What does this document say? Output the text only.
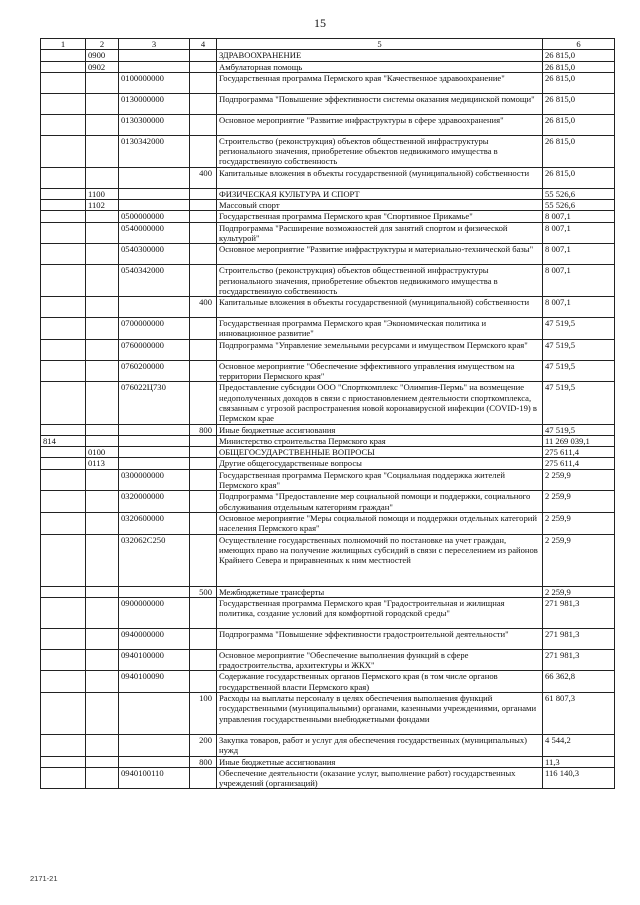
15
1	2	3	4	5	6
	0900			ЗДРАВООХРАНЕНИЕ	26 815,0
	0902			Амбулаторная помощь	26 815,0
		0100000000		Государственная программа Пермского края "Качественное здравоохранение"	26 815,0
		0130000000		Подпрограмма "Повышение эффективности системы оказания медицинской помощи"	26 815,0
		0130300000		Основное мероприятие "Развитие инфраструктуры в сфере здравоохранения"	26 815,0
		0130342000		Строительство (реконструкция) объектов общественной инфраструктуры регионального значения, приобретение объектов недвижимого имущества в государственную собственность	26 815,0
			400	Капитальные вложения в объекты государственной (муниципальной) собственности	26 815,0
	1100			ФИЗИЧЕСКАЯ КУЛЬТУРА И СПОРТ	55 526,6
	1102			Массовый спорт	55 526,6
		0500000000		Государственная программа Пермского края "Спортивное Прикамье"	8 007,1
		0540000000		Подпрограмма "Расширение возможностей для занятий спортом и физической культурой"	8 007,1
		0540300000		Основное мероприятие "Развитие инфраструктуры и материально-технической базы"	8 007,1
		0540342000		Строительство (реконструкция) объектов общественной инфраструктуры регионального значения, приобретение объектов недвижимого имущества в государственную собственность	8 007,1
			400	Капитальные вложения в объекты государственной (муниципальной) собственности	8 007,1
		0700000000		Государственная программа Пермского края "Экономическая политика и инновационное развитие"	47 519,5
		0760000000		Подпрограмма "Управление земельными ресурсами и имуществом Пермского края"	47 519,5
		0760200000		Основное мероприятие "Обеспечение эффективного управления имуществом на территории Пермского края"	47 519,5
		076022Ц730		Предоставление субсидии ООО "Спорткомплекс "Олимпия-Пермь" на возмещение недополученных доходов в связи с приостановлением деятельности спорткомплекса, связанным с угрозой распространения новой коронавирусной инфекции (COVID-19) в Пермском крае	47 519,5
			800	Иные бюджетные ассигнования	47 519,5
814				Министерство строительства Пермского края	11 269 039,1
	0100			ОБЩЕГОСУДАРСТВЕННЫЕ ВОПРОСЫ	275 611,4
	0113			Другие общегосударственные вопросы	275 611,4
		0300000000		Государственная программа Пермского края "Социальная поддержка жителей Пермского края"	2 259,9
		0320000000		Подпрограмма "Предоставление мер социальной помощи и поддержки, социального обслуживания отдельным категориям граждан"	2 259,9
		0320600000		Основное мероприятие "Меры социальной помощи и поддержки отдельных категорий населения Пермского края"	2 259,9
		032062С250		Осуществление государственных полномочий по постановке на учет граждан, имеющих право на получение жилищных субсидий в связи с переселением из районов Крайнего Севера и приравненных к ним местностей	2 259,9
			500	Межбюджетные трансферты	2 259,9
		0900000000		Государственная программа Пермского края "Градостроительная и жилищная политика, создание условий для комфортной городской среды"	271 981,3
		0940000000		Подпрограмма "Повышение эффективности градостроительной деятельности"	271 981,3
		0940100000		Основное мероприятие "Обеспечение выполнения функций в сфере градостроительства, архитектуры и ЖКХ"	271 981,3
		0940100090		Содержание государственных органов Пермского края (в том числе органов государственной власти Пермского края)	66 362,8
			100	Расходы на выплаты персоналу в целях обеспечения выполнения функций государственными (муниципальными) органами, казенными учреждениями, органами управления государственными внебюджетными фондами	61 807,3
			200	Закупка товаров, работ и услуг для обеспечения государственных (муниципальных) нужд	4 544,2
			800	Иные бюджетные ассигнования	11,3
		0940100110		Обеспечение деятельности (оказание услуг, выполнение работ) государственных учреждений (организаций)	116 140,3
2171-21
